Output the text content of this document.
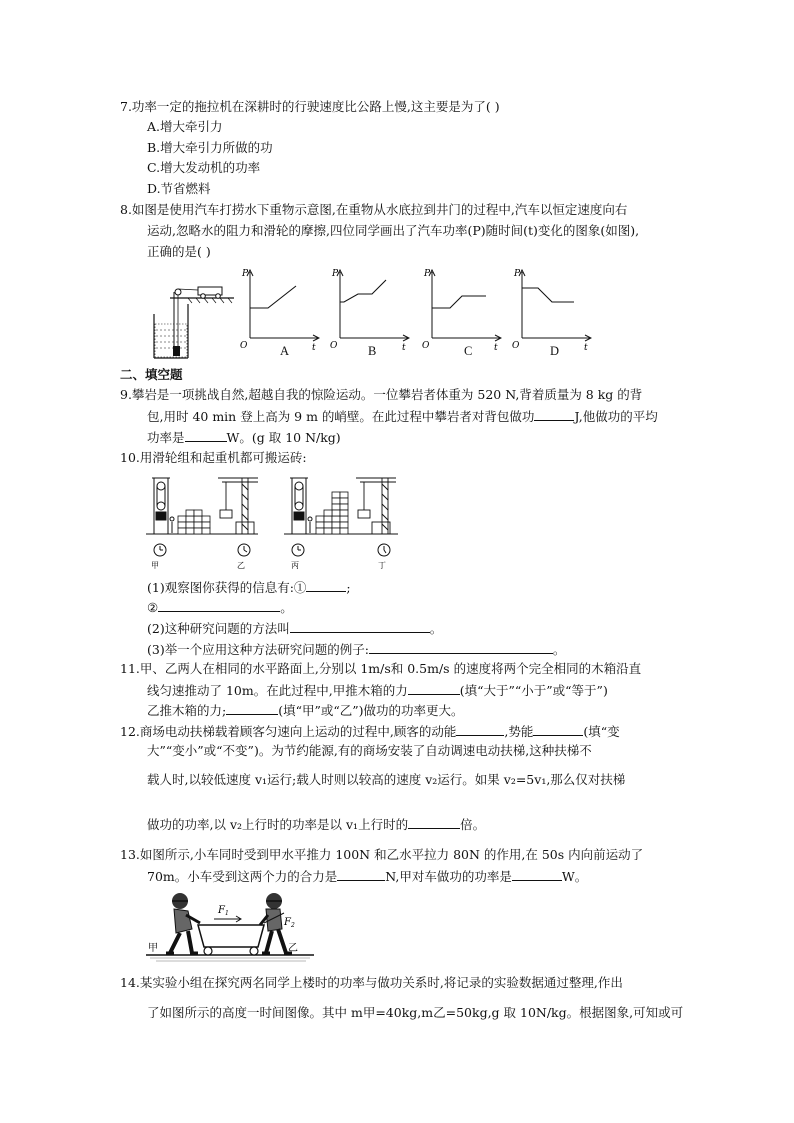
7.功率一定的拖拉机在深耕时的行驶速度比公路上慢,这主要是为了( )
A.增大牵引力
B.增大牵引力所做的功
C.增大发动机的功率
D.节省燃料
8.如图是使用汽车打捞水下重物示意图,在重物从水底拉到井门的过程中,汽车以恒定速度向右
运动,忽略水的阻力和滑轮的摩擦,四位同学画出了汽车功率(P)随时间(t)变化的图象(如图),
正确的是( )
P
t
O	A
P
t
O B
P
t
O	C
P
t
O D
二、填空题
9.攀岩是一项挑战自然,超越自我的惊险运动。一位攀岩者体重为 520 N,背着质量为 8 kg 的背
包,用时 40 min 登上高为 9 m 的峭壁。在此过程中攀岩者对背包做功	J,他做功的平均
功率是	W。(g 取 10 N/kg)
10.用滑轮组和起重机都可搬运砖:
甲	乙	丙	丁
(1)观察图你获得的信息有:①	;
②	。
(2)这种研究问题的方法叫	。
(3)举一个应用这种方法研究问题的例子:	。
11.甲、乙两人在相同的水平路面上,分别以 1m/s和 0.5m/s 的速度将两个完全相同的木箱沿直
线匀速推动了 10m。在此过程中,甲推木箱的力	(填“大于”“小于”或“等于”)
乙推木箱的力;	(填“甲”或“乙”)做功的功率更大。
12.商场电动扶梯载着顾客匀速向上运动的过程中,顾客的动能	,势能	(填“变
大”“变小”或“不变”)。为节约能源,有的商场安装了自动调速电动扶梯,这种扶梯不
载人时,以较低速度 v₁运行;载人时则以较高的速度 v₂运行。如果 v₂=5v₁,那么仅对扶梯
做功的功率,以 v₂上行时的功率是以 v₁上行时的	倍。
13.如图所示,小车同时受到甲水平推力 100N 和乙水平拉力 80N 的作用,在 50s 内向前运动了
70m。小车受到这两个力的合力是	N,甲对车做功的功率是	W。
$F_1$
$F_2$
甲	乙
14.某实验小组在探究两名同学上楼时的功率与做功关系时,将记录的实验数据通过整理,作出
了如图所示的高度一时间图像。其中 m甲=40kg,m乙=50kg,g 取 10N/kg。根据图象,可知或可
